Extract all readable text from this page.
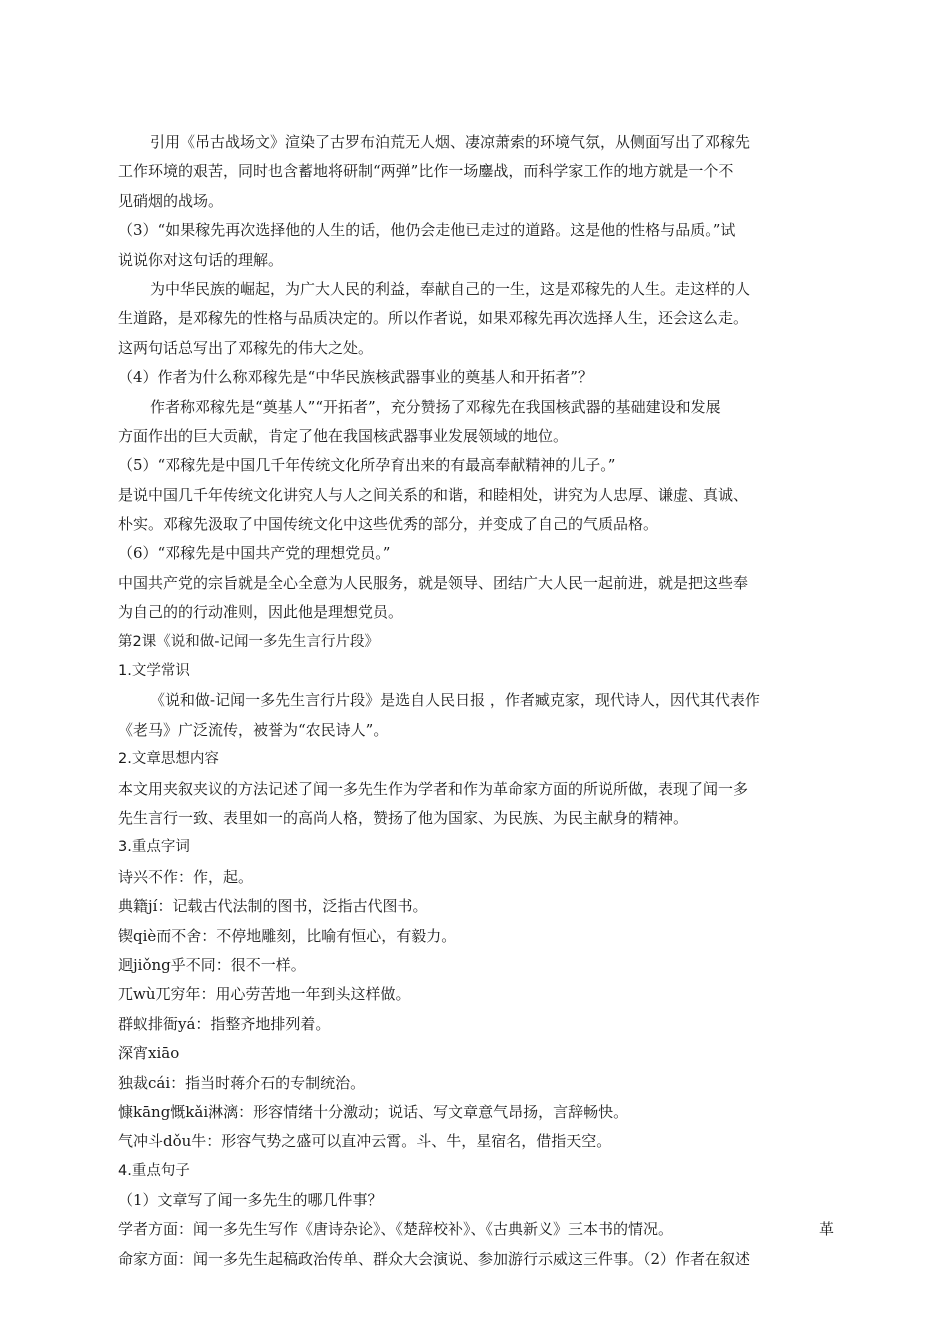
引用《吊古战场文》渲染了古罗布泊荒无人烟、凄凉萧索的环境气氛，从侧面写出了邓稼先
工作环境的艰苦，同时也含蓄地将研制“两弹”比作一场鏖战，而科学家工作的地方就是一个不
见硝烟的战场。
（3）“如果稼先再次选择他的人生的话，他仍会走他已走过的道路。这是他的性格与品质。”试
说说你对这句话的理解。
为中华民族的崛起，为广大人民的利益，奉献自己的一生，这是邓稼先的人生。走这样的人
生道路，是邓稼先的性格与品质决定的。所以作者说，如果邓稼先再次选择人生，还会这么走。
这两句话总写出了邓稼先的伟大之处。
（4）作者为什么称邓稼先是“中华民族核武器事业的奠基人和开拓者”？
作者称邓稼先是“奠基人”“开拓者”，充分赞扬了邓稼先在我国核武器的基础建设和发展
方面作出的巨大贡献，肯定了他在我国核武器事业发展领域的地位。
（5）“邓稼先是中国几千年传统文化所孕育出来的有最高奉献精神的儿子。”
是说中国几千年传统文化讲究人与人之间关系的和谐，和睦相处，讲究为人忠厚、谦虚、真诚、
朴实。邓稼先汲取了中国传统文化中这些优秀的部分，并变成了自己的气质品格。
（6）“邓稼先是中国共产党的理想党员。”
中国共产党的宗旨就是全心全意为人民服务，就是领导、团结广大人民一起前进，就是把这些奉
为自己的的行动准则，因此他是理想党员。
第2课《说和做-记闻一多先生言行片段》
1.文学常识
《说和做-记闻一多先生言行片段》是选自人民日报 ，作者臧克家，现代诗人，因代其代表作
《老马》广泛流传，被誉为“农民诗人”。
2.文章思想内容
本文用夹叙夹议的方法记述了闻一多先生作为学者和作为革命家方面的所说所做，表现了闻一多
先生言行一致、表里如一的高尚人格，赞扬了他为国家、为民族、为民主献身的精神。
3.重点字词
诗兴不作：作，起。
典籍jí：记载古代法制的图书，泛指古代图书。
锲qiè而不舍：不停地雕刻，比喻有恒心，有毅力。
迥jiǒng乎不同：很不一样。
兀wù兀穷年：用心劳苦地一年到头这样做。
群蚁排衙yá：指整齐地排列着。
深宵xiāo
独裁cái：指当时蒋介石的专制统治。
慷kāng慨kǎi淋漓：形容情绪十分激动；说话、写文章意气昂扬，言辞畅快。
气冲斗dǒu牛：形容气势之盛可以直冲云霄。斗、牛，星宿名，借指天空。
4.重点句子
（1）文章写了闻一多先生的哪几件事？
学者方面：闻一多先生写作《唐诗杂论》、《楚辞校补》、《古典新义》三本书的情况。	革
命家方面：闻一多先生起稿政治传单、群众大会演说、参加游行示威这三件事。（2）作者在叙述
